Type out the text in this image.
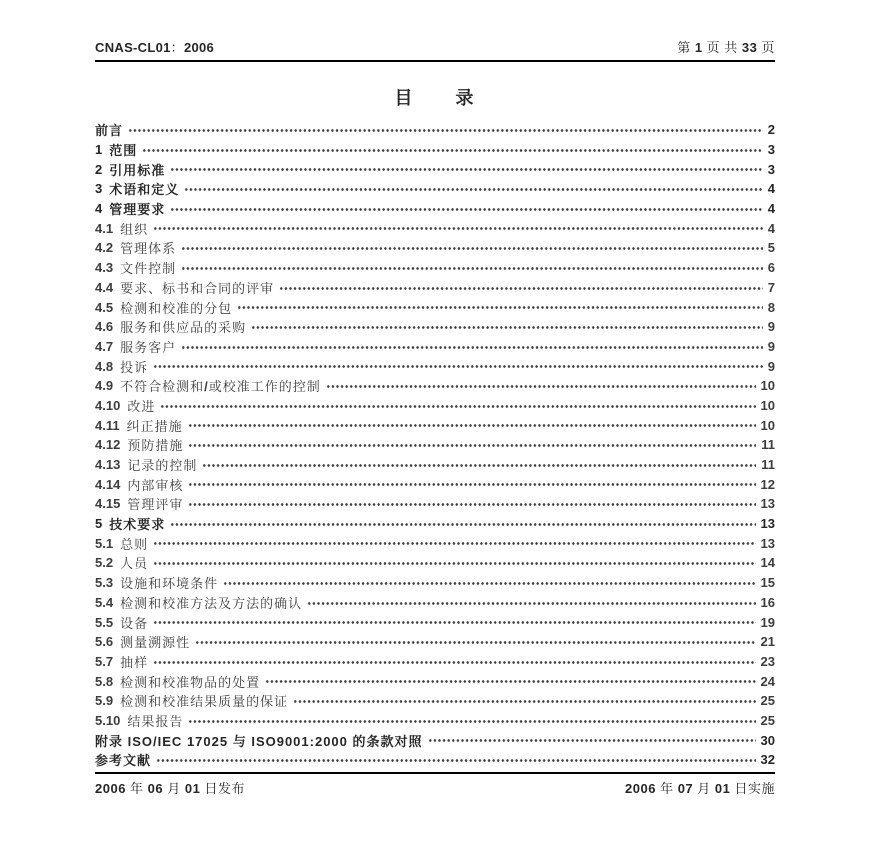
CNAS-CL01：2006	第 1 页 共 33 页
目 录
前言	2
1 范围	3
2 引用标准	3
3 术语和定义	4
4 管理要求	4
4.1 组织	4
4.2 管理体系	5
4.3 文件控制	6
4.4 要求、标书和合同的评审	7
4.5 检测和校准的分包	8
4.6 服务和供应品的采购	9
4.7 服务客户	9
4.8 投诉	9
4.9 不符合检测和/或校准工作的控制	10
4.10 改进	10
4.11 纠正措施	10
4.12 预防措施	11
4.13 记录的控制	11
4.14 内部审核	12
4.15 管理评审	13
5 技术要求	13
5.1 总则	13
5.2 人员	14
5.3 设施和环境条件	15
5.4 检测和校准方法及方法的确认	16
5.5 设备	19
5.6 测量溯源性	21
5.7 抽样	23
5.8 检测和校准物品的处置	24
5.9 检测和校准结果质量的保证	25
5.10 结果报告	25
附录 ISO/IEC 17025 与 ISO9001:2000 的条款对照	30
参考文献	32
2006 年 06 月 01 日发布	2006 年 07 月 01 日实施
